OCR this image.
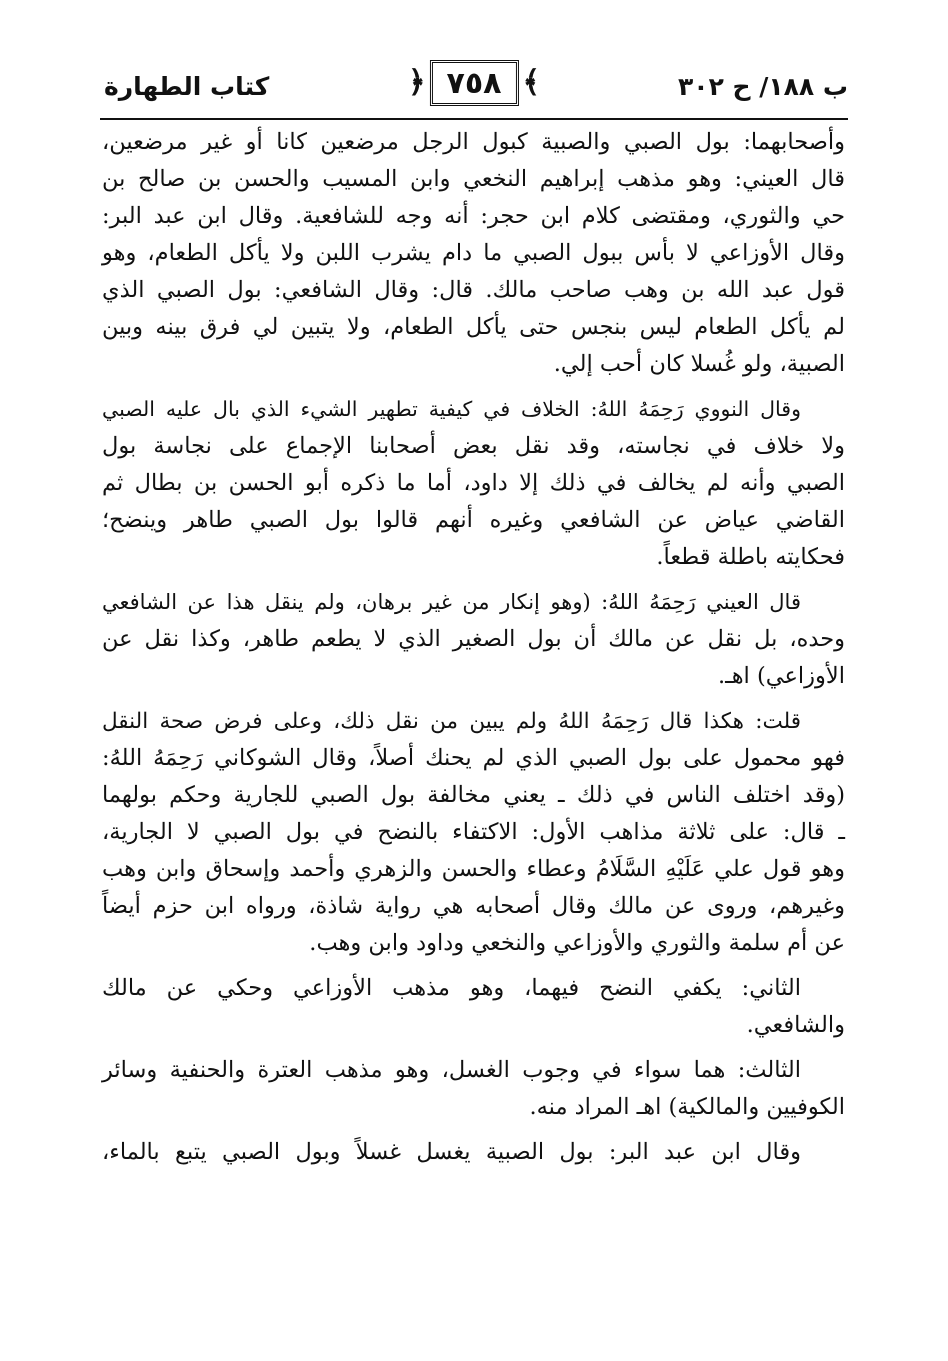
كتاب الطهارة	﴿ ٧٥٨ ﴾	ب ١٨٨/ ح ٣٠٢

وأصحابهما: بول الصبي والصبية كبول الرجل مرضعين كانا أو غير مرضعين،
قال العيني: وهو مذهب إبراهيم النخعي وابن المسيب والحسن بن صالح بن
حي والثوري، ومقتضى كلام ابن حجر: أنه وجه للشافعية. وقال ابن عبد البر:
وقال الأوزاعي لا بأس ببول الصبي ما دام يشرب اللبن ولا يأكل الطعام، وهو
قول عبد الله بن وهب صاحب مالك. قال: وقال الشافعي: بول الصبي الذي
لم يأكل الطعام ليس بنجس حتى يأكل الطعام، ولا يتبين لي فرق بينه وبين
الصبية، ولو غُسلا كان أحب إلي.

وقال النووي رَحِمَهُ اللهُ: الخلاف في كيفية تطهير الشيء الذي بال عليه الصبي
ولا خلاف في نجاسته، وقد نقل بعض أصحابنا الإجماع على نجاسة بول
الصبي وأنه لم يخالف في ذلك إلا داود، أما ما ذكره أبو الحسن بن بطال ثم
القاضي عياض عن الشافعي وغيره أنهم قالوا بول الصبي طاهر وينضح؛
فحكايته باطلة قطعاً.

قال العيني رَحِمَهُ اللهُ: (وهو إنكار من غير برهان، ولم ينقل هذا عن الشافعي
وحده، بل نقل عن مالك أن بول الصغير الذي لا يطعم طاهر، وكذا نقل عن
الأوزاعي) اهـ.

قلت: هكذا قال رَحِمَهُ اللهُ ولم يبين من نقل ذلك، وعلى فرض صحة النقل
فهو محمول على بول الصبي الذي لم يحنك أصلاً، وقال الشوكاني رَحِمَهُ اللهُ:
(وقد اختلف الناس في ذلك ـ يعني مخالفة بول الصبي للجارية وحكم بولهما
ـ قال: على ثلاثة مذاهب الأول: الاكتفاء بالنضح في بول الصبي لا الجارية،
وهو قول علي عَلَيْهِ السَّلَامُ وعطاء والحسن والزهري وأحمد وإسحاق وابن وهب
وغيرهم، وروى عن مالك وقال أصحابه هي رواية شاذة، ورواه ابن حزم أيضاً
عن أم سلمة والثوري والأوزاعي والنخعي وداود وابن وهب.

الثاني: يكفي النضح فيهما، وهو مذهب الأوزاعي وحكي عن مالك
والشافعي.

الثالث: هما سواء في وجوب الغسل، وهو مذهب العترة والحنفية وسائر
الكوفيين والمالكية) اهـ المراد منه.

وقال ابن عبد البر: بول الصبية يغسل غسلاً وبول الصبي يتبع بالماء،
